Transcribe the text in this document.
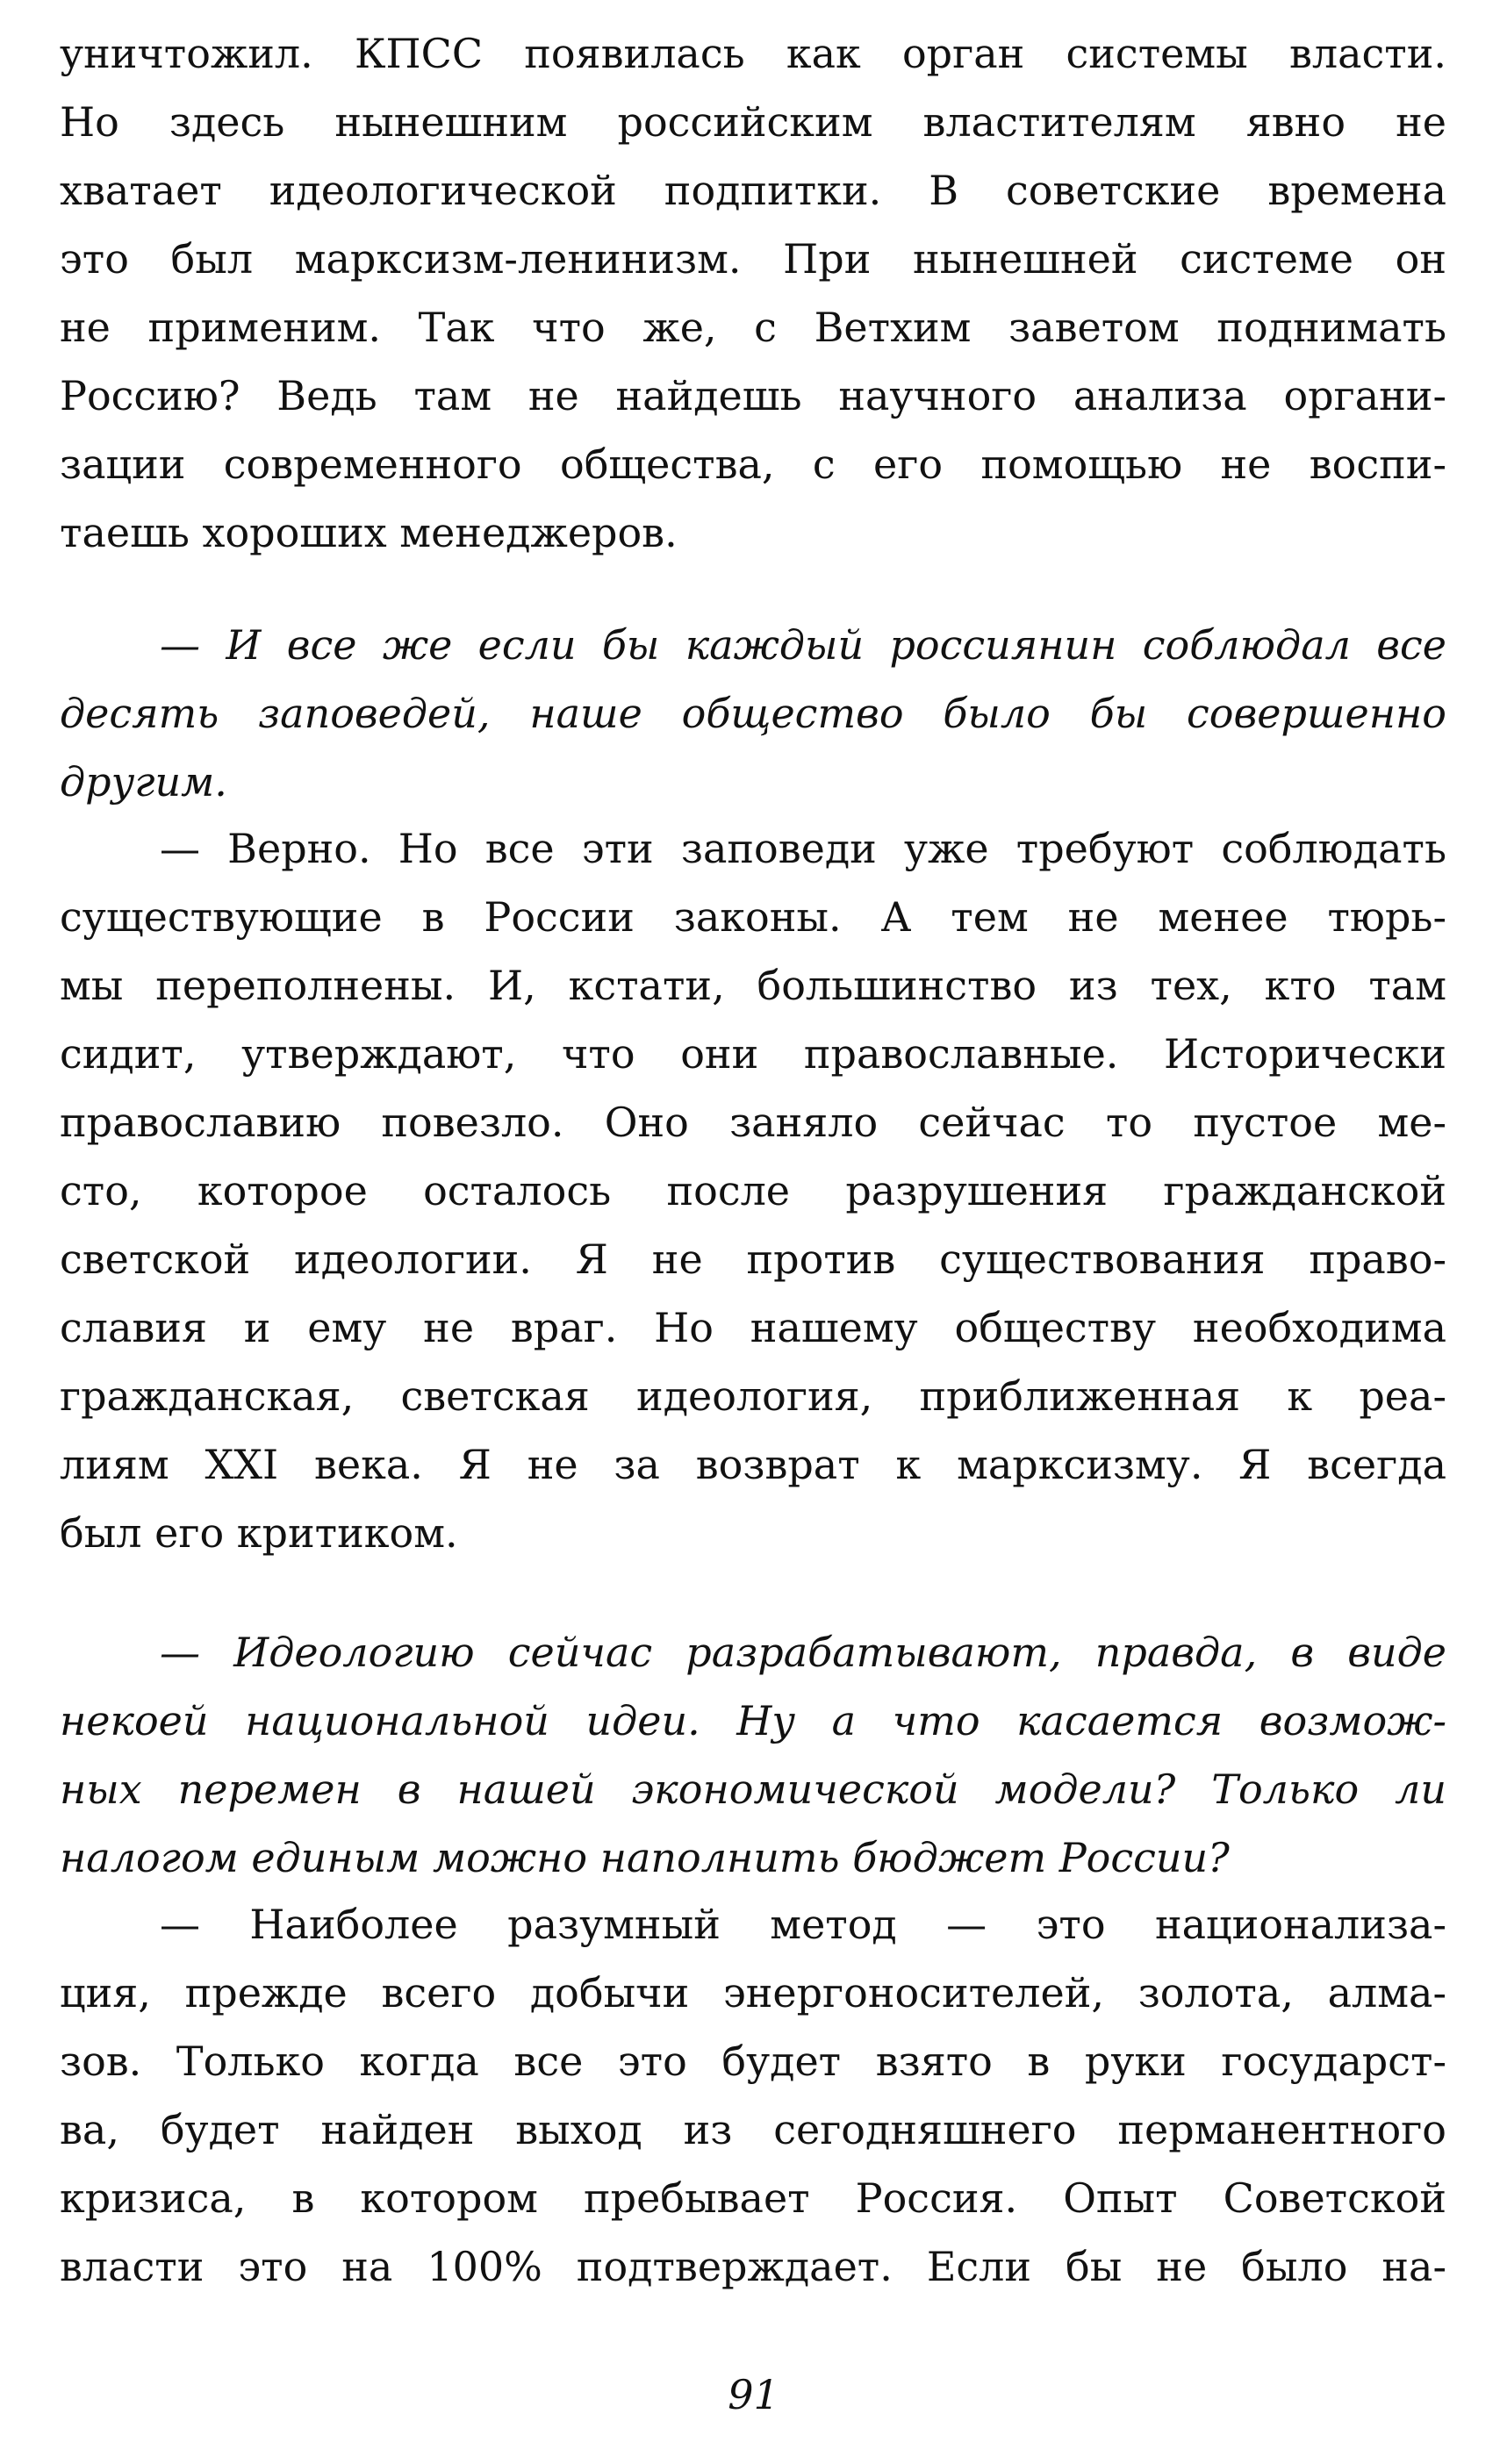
уничтожил. КПСС появилась как орган системы власти.
Но здесь нынешним российским властителям явно не
хватает идеологической подпитки. В советские времена
это был марксизм-ленинизм. При нынешней системе он
не применим. Так что же, с Ветхим заветом поднимать
Россию? Ведь там не найдешь научного анализа органи-
зации современного общества, с его помощью не воспи-
таешь хороших менеджеров.
— И все же если бы каждый россиянин соблюдал все
десять заповедей, наше общество было бы совершенно
другим.
— Верно. Но все эти заповеди уже требуют соблюдать
существующие в России законы. А тем не менее тюрь-
мы переполнены. И, кстати, большинство из тех, кто там
сидит, утверждают, что они православные. Исторически
православию повезло. Оно заняло сейчас то пустое ме-
сто, которое осталось после разрушения гражданской
светской идеологии. Я не против существования право-
славия и ему не враг. Но нашему обществу необходима
гражданская, светская идеология, приближенная к реа-
лиям XXI века. Я не за возврат к марксизму. Я всегда
был его критиком.
— Идеологию сейчас разрабатывают, правда, в виде
некоей национальной идеи. Ну а что касается возмож-
ных перемен в нашей экономической модели? Только ли
налогом единым можно наполнить бюджет России?
— Наиболее разумный метод — это национализа-
ция, прежде всего добычи энергоносителей, золота, алма-
зов. Только когда все это будет взято в руки государст-
ва, будет найден выход из сегодняшнего перманентного
кризиса, в котором пребывает Россия. Опыт Советской
власти это на 100% подтверждает. Если бы не было на-
91
